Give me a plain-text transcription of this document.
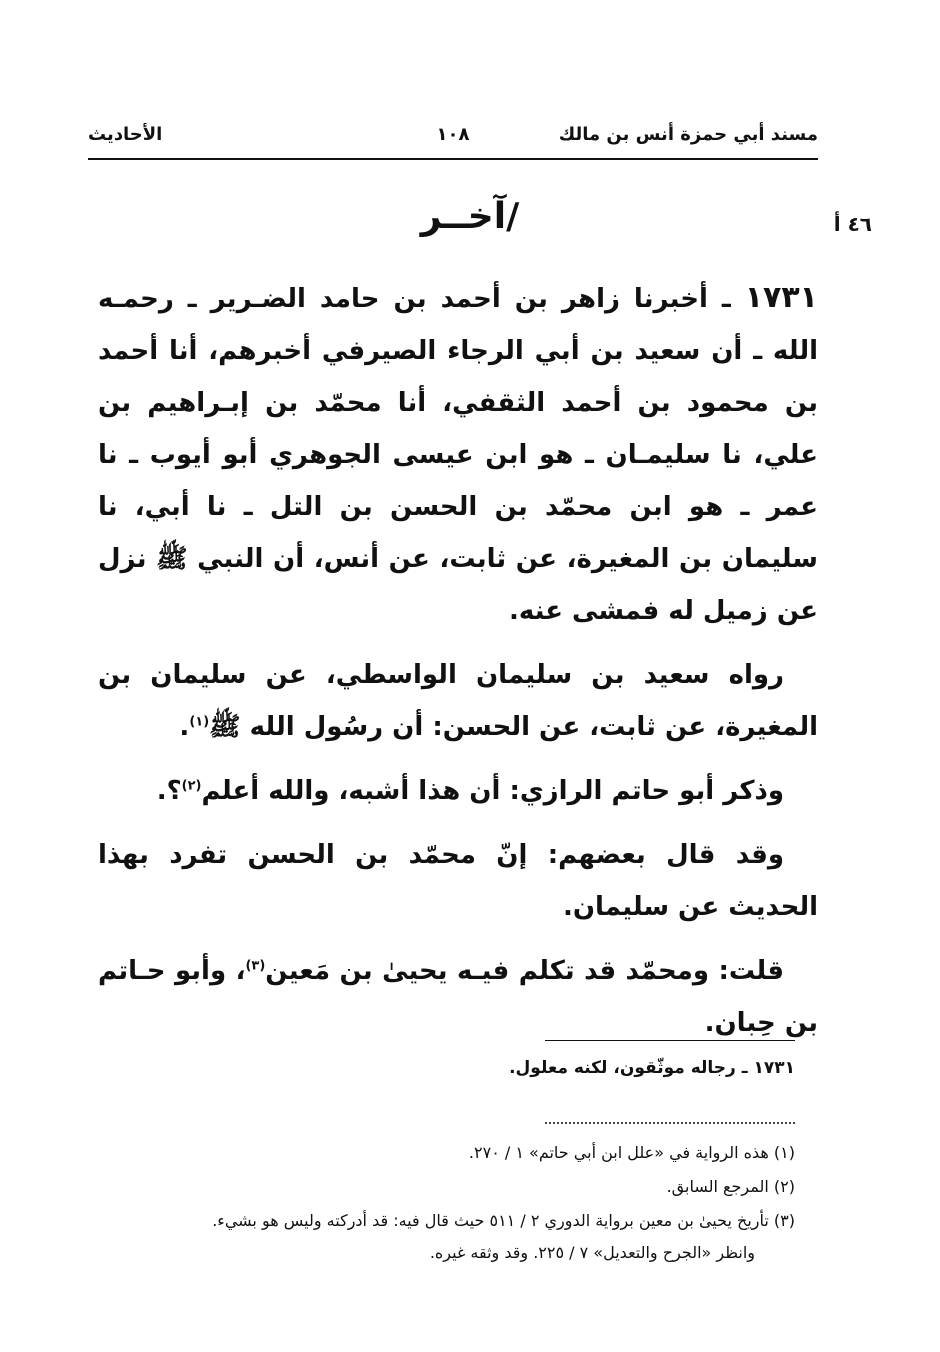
مسند أبي حمزة أنس بن مالك
١٠٨
الأحاديث
٤٦ أ
/آخــر

١٧٣١ ـ أخبرنا زاهر بن أحمد بن حامد الضـرير ـ رحمـه الله ـ أن سعيد بن أبي الرجاء الصيرفي أخبرهم، أنا أحمد بن محمود بن أحمد الثقفي، أنا محمّد بن إبـراهيم بن علي، نا سليمـان ـ هو ابن عيسى الجوهري أبو أيوب ـ نا عمر ـ هو ابن محمّد بن الحسن بن التل ـ نا أبي، نا سليمان بن المغيرة، عن ثابت، عن أنس، أن النبي ﷺ نزل عن زميل له فمشى عنه.

رواه سعيد بن سليمان الواسطي، عن سليمان بن المغيرة، عن ثابت، عن الحسن: أن رسُول الله ﷺ$^{(١)}$.

وذكر أبو حاتم الرازي: أن هذا أشبه، والله أعلم$^{(٢)}$؟.

وقد قال بعضهم: إنّ محمّد بن الحسن تفرد بهذا الحديث عن سليمان.

قلت: ومحمّد قد تكلم فيـه يحيىٰ بن مَعين$^{(٣)}$، وأبو حـاتم بن حِبان.

١٧٣١ ـ رجاله موثّقون، لكنه معلول.

(١) هذه الرواية في «علل ابن أبي حاتم» ١ / ٢٧٠.

(٢) المرجع السابق.

(٣) تأريخ يحيىٰ بن معين برواية الدوري ٢ / ٥١١ حيث قال فيه: قد أدركته وليس هو بشيء.

وانظر «الجرح والتعديل» ٧ / ٢٢٥. وقد وثقه غيره.
